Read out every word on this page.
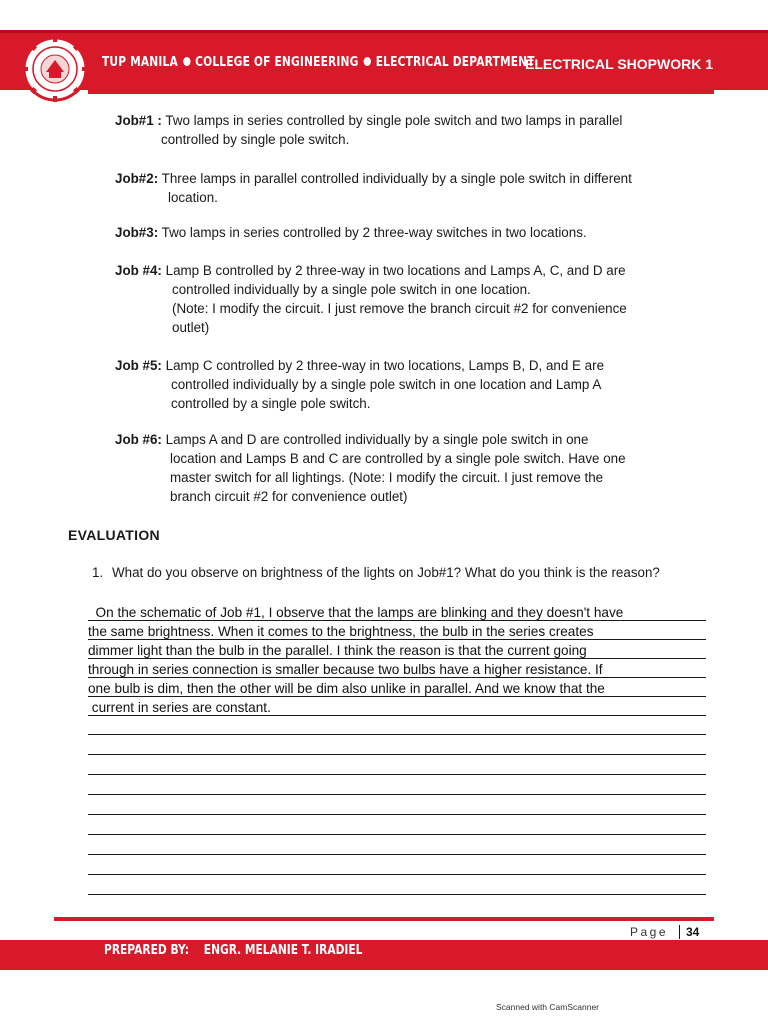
TUP MANILA COLLEGE OF ENGINEERING ELECTRICAL DEPARTMENT
ELECTRICAL SHOPWORK 1
Job#1 : Two lamps in series controlled by single pole switch and two lamps in parallel
controlled by single pole switch.
Job#2: Three lamps in parallel controlled individually by a single pole switch in different
location.
Job#3: Two lamps in series controlled by 2 three-way switches in two locations.
Job #4: Lamp B controlled by 2 three-way in two locations and Lamps A, C, and D are
controlled individually by a single pole switch in one location.
(Note: I modify the circuit. I just remove the branch circuit #2 for convenience
outlet)
Job #5: Lamp C controlled by 2 three-way in two locations, Lamps B, D, and E are
controlled individually by a single pole switch in one location and Lamp A
controlled by a single pole switch.
Job #6: Lamps A and D are controlled individually by a single pole switch in one
location and Lamps B and C are controlled by a single pole switch. Have one
master switch for all lightings. (Note: I modify the circuit. I just remove the
branch circuit #2 for convenience outlet)
EVALUATION
1. What do you observe on brightness of the lights on Job#1? What do you think is the reason?
On the schematic of Job #1, I observe that the lamps are blinking and they doesn't have
the same brightness. When it comes to the brightness, the bulb in the series creates
dimmer light than the bulb in the parallel. I think the reason is that the current going
through in series connection is smaller because two bulbs have a higher resistance. If
one bulb is dim, then the other will be dim also unlike in parallel. And we know that the
current in series are constant.
Page	34
PREPARED BY: ENGR. MELANIE T. IRADIEL
Scanned with CamScanner
